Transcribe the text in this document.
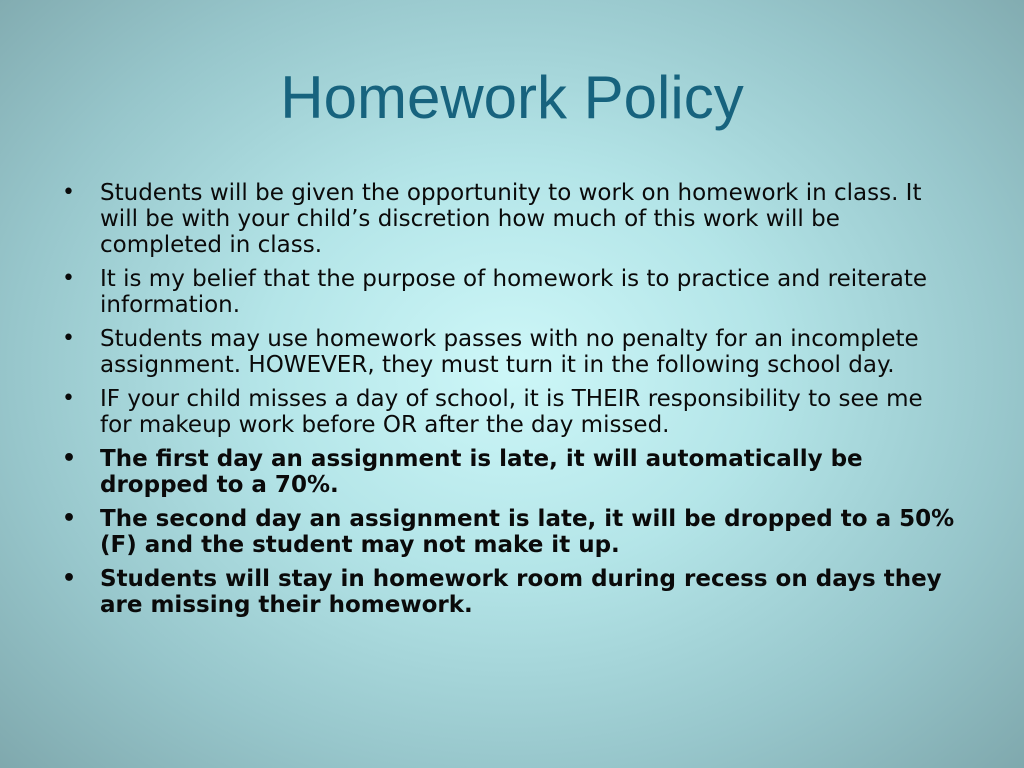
Homework Policy
• Students will be given the opportunity to work on homework in class. It will be with your child’s discretion how much of this work will be completed in class.
• It is my belief that the purpose of homework is to practice and reiterate information.
• Students may use homework passes with no penalty for an incomplete assignment. HOWEVER, they must turn it in the following school day.
• IF your child misses a day of school, it is THEIR responsibility to see me for makeup work before OR after the day missed.
• The first day an assignment is late, it will automatically be dropped to a 70%.
• The second day an assignment is late, it will be dropped to a 50% (F) and the student may not make it up.
• Students will stay in homework room during recess on days they are missing their homework.
